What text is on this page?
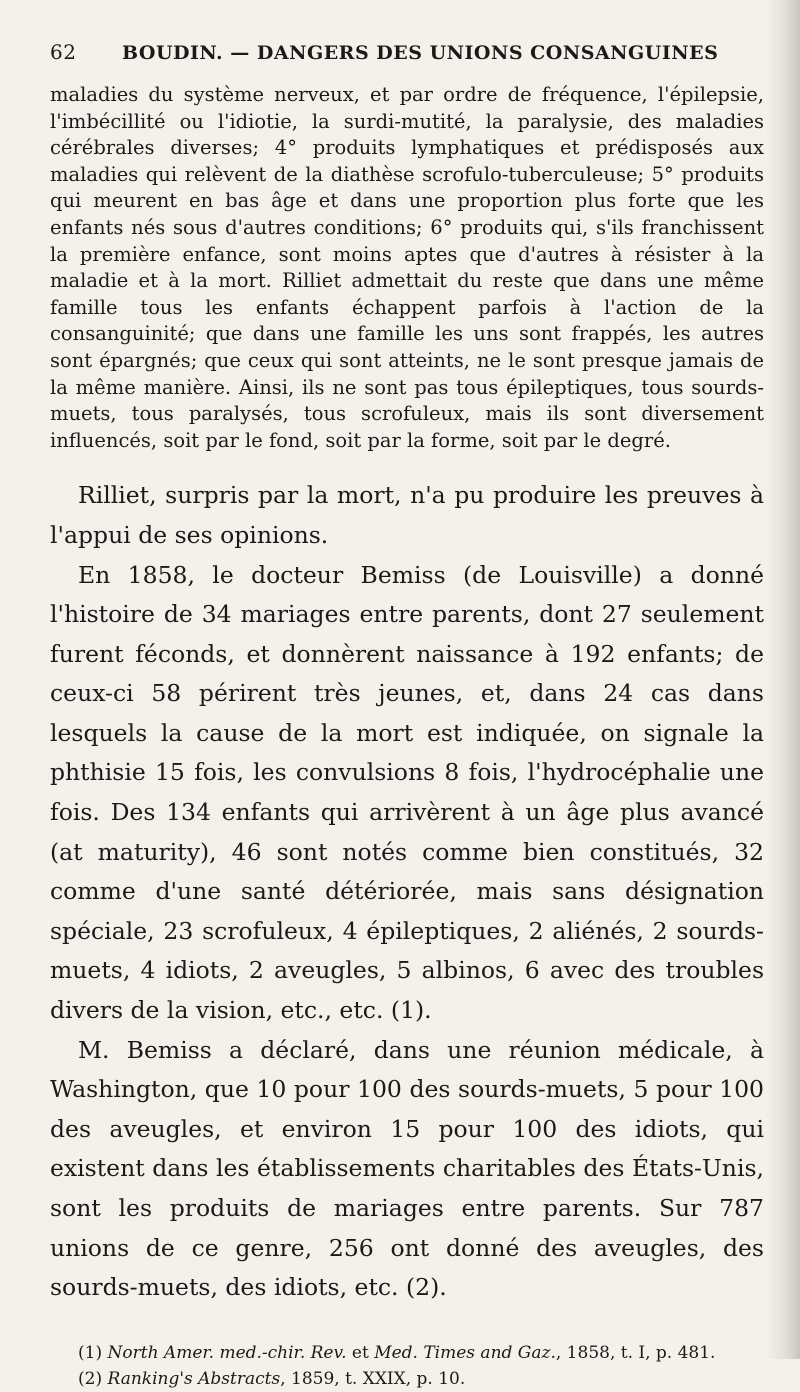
62	BOUDIN. — DANGERS DES UNIONS CONSANGUINES

maladies du système nerveux, et par ordre de fréquence, l'épilepsie, l'imbécillité ou l'idiotie, la surdi-mutité, la paralysie, des maladies cérébrales diverses; 4° produits lymphatiques et prédisposés aux maladies qui relèvent de la diathèse scrofulo-tuberculeuse; 5° produits qui meurent en bas âge et dans une proportion plus forte que les enfants nés sous d'autres conditions; 6° produits qui, s'ils franchissent la première enfance, sont moins aptes que d'autres à résister à la maladie et à la mort. Rilliet admettait du reste que dans une même famille tous les enfants échappent parfois à l'action de la consanguinité; que dans une famille les uns sont frappés, les autres sont épargnés; que ceux qui sont atteints, ne le sont presque jamais de la même manière. Ainsi, ils ne sont pas tous épileptiques, tous sourds-muets, tous paralysés, tous scrofuleux, mais ils sont diversement influencés, soit par le fond, soit par la forme, soit par le degré.

Rilliet, surpris par la mort, n'a pu produire les preuves à l'appui de ses opinions.

En 1858, le docteur Bemiss (de Louisville) a donné l'histoire de 34 mariages entre parents, dont 27 seulement furent féconds, et donnèrent naissance à 192 enfants; de ceux-ci 58 périrent très jeunes, et, dans 24 cas dans lesquels la cause de la mort est indiquée, on signale la phthisie 15 fois, les convulsions 8 fois, l'hydrocéphalie une fois. Des 134 enfants qui arrivèrent à un âge plus avancé (at maturity), 46 sont notés comme bien constitués, 32 comme d'une santé détériorée, mais sans désignation spéciale, 23 scrofuleux, 4 épileptiques, 2 aliénés, 2 sourds-muets, 4 idiots, 2 aveugles, 5 albinos, 6 avec des troubles divers de la vision, etc., etc. (1).

M. Bemiss a déclaré, dans une réunion médicale, à Washington, que 10 pour 100 des sourds-muets, 5 pour 100 des aveugles, et environ 15 pour 100 des idiots, qui existent dans les établissements charitables des États-Unis, sont les produits de mariages entre parents. Sur 787 unions de ce genre, 256 ont donné des aveugles, des sourds-muets, des idiots, etc. (2).

(1) North Amer. med.-chir. Rev. et Med. Times and Gaz., 1858, t. I, p. 481.

(2) Ranking's Abstracts, 1859, t. XXIX, p. 10.
